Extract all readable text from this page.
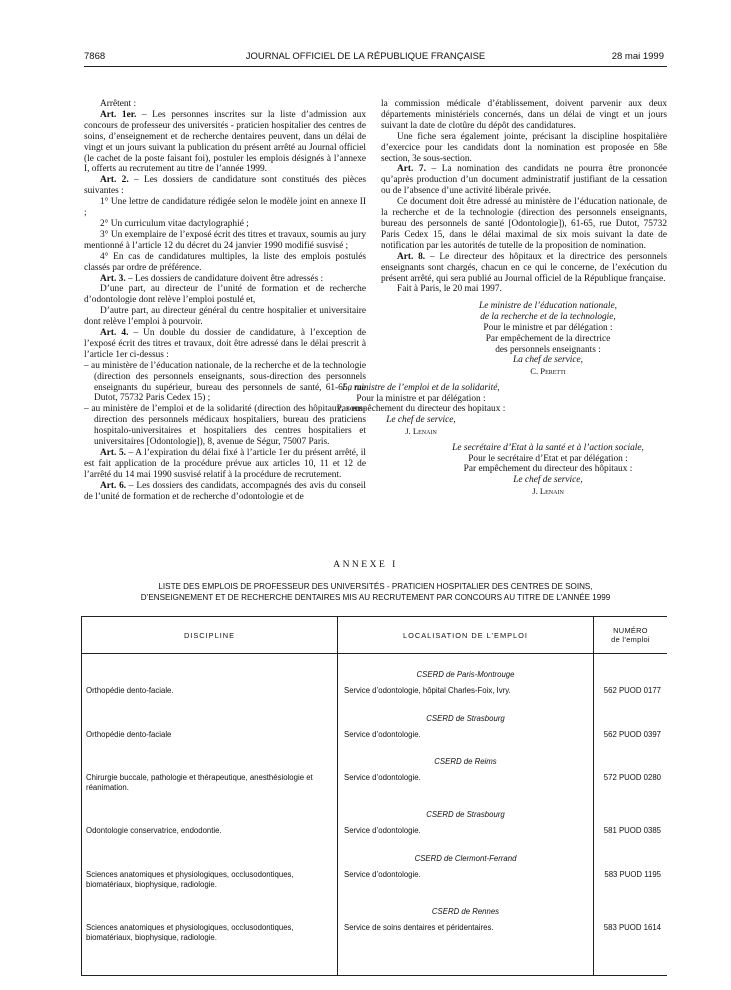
7868	JOURNAL OFFICIEL DE LA RÉPUBLIQUE FRANÇAISE	28 mai 1999

Arrêtent :

Art. 1er. – Les personnes inscrites sur la liste d’admission aux concours de professeur des universités - praticien hospitalier des centres de soins, d’enseignement et de recherche dentaires peuvent, dans un délai de vingt et un jours suivant la publication du présent arrêté au Journal officiel (le cachet de la poste faisant foi), postuler les emplois désignés à l’annexe I, offerts au recrutement au titre de l’année 1999.

Art. 2. – Les dossiers de candidature sont constitués des pièces suivantes :

1° Une lettre de candidature rédigée selon le modèle joint en annexe II ;

2° Un curriculum vitae dactylographié ;

3° Un exemplaire de l’exposé écrit des titres et travaux, soumis au jury mentionné à l’article 12 du décret du 24 janvier 1990 modifié susvisé ;

4° En cas de candidatures multiples, la liste des emplois postulés classés par ordre de préférence.

Art. 3. – Les dossiers de candidature doivent être adressés :

D’une part, au directeur de l’unité de formation et de recherche d’odontologie dont relève l’emploi postulé et,

D’autre part, au directeur général du centre hospitalier et universitaire dont relève l’emploi à pourvoir.

Art. 4. – Un double du dossier de candidature, à l’exception de l’exposé écrit des titres et travaux, doit être adressé dans le délai prescrit à l’article 1er ci-dessus :

– au ministère de l’éducation nationale, de la recherche et de la technologie (direction des personnels enseignants, sous-direction des personnels enseignants du supérieur, bureau des personnels de santé, 61-65, rue Dutot, 75732 Paris Cedex 15) ;

– au ministère de l’emploi et de la solidarité (direction des hôpitaux, sous-direction des personnels médicaux hospitaliers, bureau des praticiens hospitalo-universitaires et hospitaliers des centres hospitaliers et universitaires [Odontologie]), 8, avenue de Ségur, 75007 Paris.

Art. 5. – A l’expiration du délai fixé à l’article 1er du présent arrêté, il est fait application de la procédure prévue aux articles 10, 11 et 12 de l’arrêté du 14 mai 1990 susvisé relatif à la procédure de recrutement.

Art. 6. – Les dossiers des candidats, accompagnés des avis du conseil de l’unité de formation et de recherche d’odontologie et de

la commission médicale d’établissement, doivent parvenir aux deux départements ministériels concernés, dans un délai de vingt et un jours suivant la date de clotûre du dépôt des candidatures.

Une fiche sera également jointe, précisant la discipline hospitalière d’exercice pour les candidats dont la nomination est proposée en 58e section, 3e sous-section.

Art. 7. – La nomination des candidats ne pourra être prononcée qu’après production d’un document administratif justifiant de la cessation ou de l’absence d’une activité libérale privée.

Ce document doit être adressé au ministère de l’éducation nationale, de la recherche et de la technologie (direction des personnels enseignants, bureau des personnels de santé [Odontologie]), 61-65, rue Dutot, 75732 Paris Cedex 15, dans le délai maximal de six mois suivant la date de notification par les autorités de tutelle de la proposition de nomination.

Art. 8. – Le directeur des hôpitaux et la directrice des personnels enseignants sont chargés, chacun en ce qui le concerne, de l’exécution du présent arrêté, qui sera publié au Journal officiel de la République française.

Fait à Paris, le 20 mai 1997.

Le ministre de l’éducation nationale,

de la recherche et de la technologie,

Pour le ministre et par délégation :

Par empêchement de la directrice

des personnels enseignants :

La chef de service,

C. Peretti

La ministre de l’emploi et de la solidarité,

Pour la ministre et par délégation :

Par empêchement du directeur des hopitaux :

Le chef de service,

J. Lenain

Le secrétaire d’Etat à la santé et à l’action sociale,

Pour le secrétaire d’Etat et par délégation :

Par empêchement du directeur des hôpitaux :

Le chef de service,

J. Lenain

ANNEXE I
LISTE DES EMPLOIS DE PROFESSEUR DES UNIVERSITÉS - PRATICIEN HOSPITALIER DES CENTRES DE SOINS,
D’ENSEIGNEMENT ET DE RECHERCHE DENTAIRES MIS AU RECRUTEMENT PAR CONCOURS AU TITRE DE L’ANNÉE 1999
DISCIPLINE	LOCALISATION DE L’EMPLOI	NUMÉRO
de l’emploi

	CSERD de Paris-Montrouge	
Orthopédie dento-faciale.	Service d’odontologie, hôpital Charles-Foix, Ivry.	562 PUOD 0177
	CSERD de Strasbourg	
Orthopédie dento-faciale	Service d’odontologie.	562 PUOD 0397
	CSERD de Reims	
Chirurgie buccale, pathologie et thérapeutique, anesthésiologie et réanimation.	Service d’odontologie.	572 PUOD 0280
	CSERD de Strasbourg	
Odontologie conservatrice, endodontie.	Service d’odontologie.	581 PUOD 0385
	CSERD de Clermont-Ferrand	
Sciences anatomiques et physiologiques, occlusodontiques, biomatériaux, biophysique, radiologie.	Service d’odontologie.	583 PUOD 1195
	CSERD de Rennes	
Sciences anatomiques et physiologiques, occlusodontiques, biomatériaux, biophysique, radiologie.	Service de soins dentaires et péridentaires.	583 PUOD 1614
